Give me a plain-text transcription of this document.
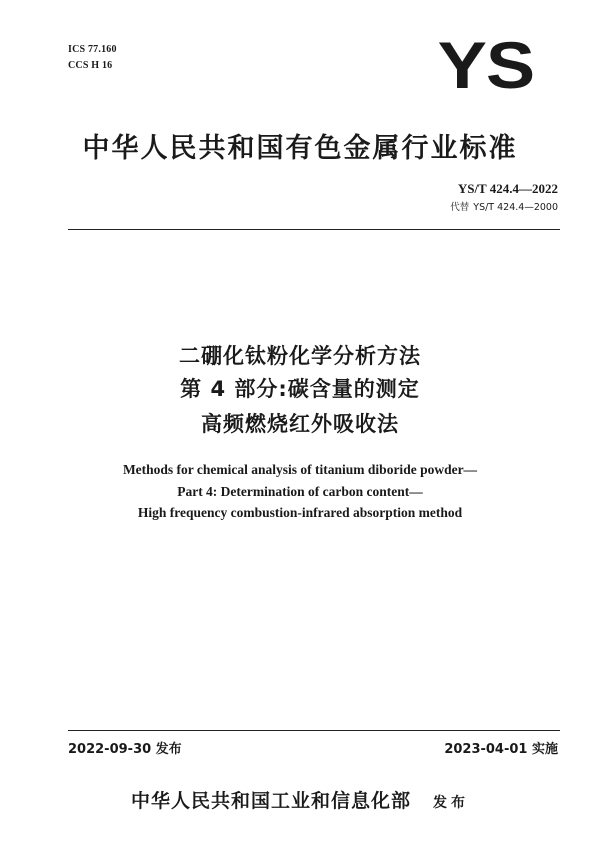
ICS 77.160
CCS H 16	YS
中华人民共和国有色金属行业标准
YS/T 424.4—2022
代替 YS/T 424.4—2000
二硼化钛粉化学分析方法
第 4 部分:碳含量的测定
高频燃烧红外吸收法
Methods for chemical analysis of titanium diboride powder—
Part 4: Determination of carbon content—
High frequency combustion-infrared absorption method
2022-09-30 发布	2023-04-01 实施
中华人民共和国工业和信息化部 发布
